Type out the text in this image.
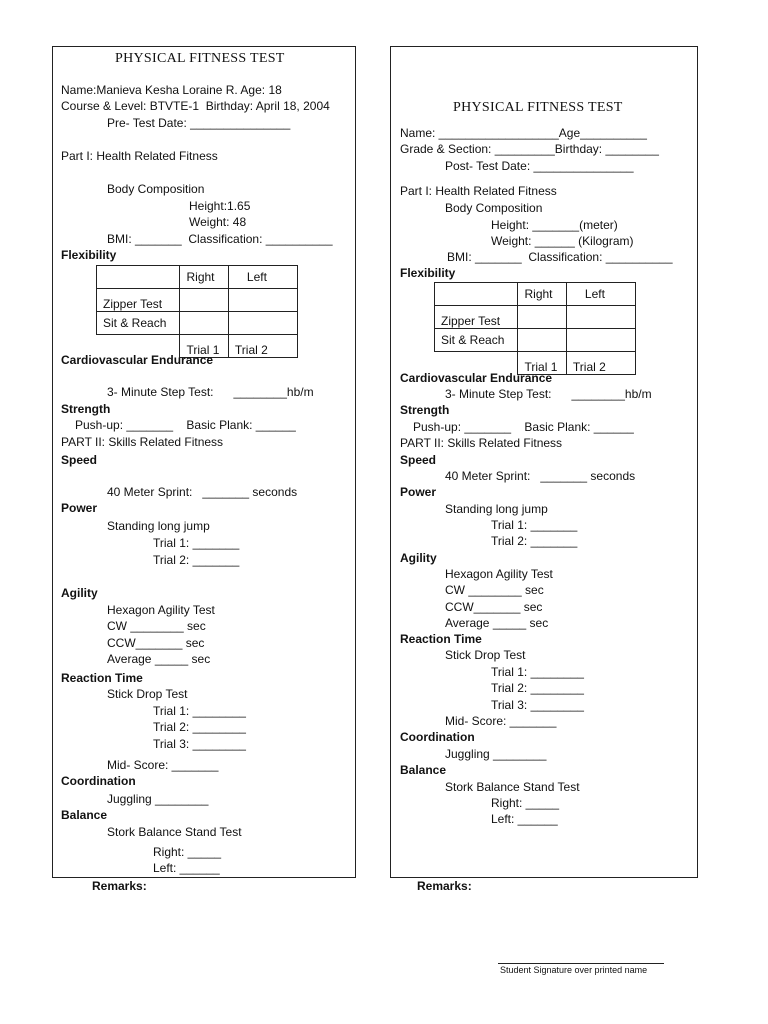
PHYSICAL FITNESS TEST
Name:Manieva Kesha Loraine R. Age: 18
Course & Level: BTVTE-1  Birthday: April 18, 2004
Pre- Test Date: _______________
Part I: Health Related Fitness
Body Composition
Height:1.65
Weight: 48
BMI: _______  Classification: __________
Flexibility
	Right	Left
Zipper Test		
Sit & Reach		
	Trial 1	Trial 2
Cardiovascular Endurance
3- Minute Step Test:      ________hb/m
Strength
Push-up: _______    Basic Plank: ______
PART II: Skills Related Fitness
Speed
40 Meter Sprint:   _______ seconds
Power
Standing long jump
Trial 1: _______
Trial 2: _______
Agility
Hexagon Agility Test
CW ________ sec
CCW_______ sec
Average _____ sec
Reaction Time
Stick Drop Test
Trial 1: ________
Trial 2: ________
Trial 3: ________
Mid- Score: _______
Coordination
Juggling ________
Balance
Stork Balance Stand Test
Right: _____
Left: ______
Remarks:
PHYSICAL FITNESS TEST
Name: __________________Age__________
Grade & Section: _________Birthday: ________
Post- Test Date: _______________
Part I: Health Related Fitness
Body Composition
Height: _______(meter)
Weight: ______ (Kilogram)
BMI: _______  Classification: __________
Flexibility
	Right	Left
Zipper Test		
Sit & Reach		
	Trial 1	Trial 2
Cardiovascular Endurance
3- Minute Step Test:      ________hb/m
Strength
Push-up: _______    Basic Plank: ______
PART II: Skills Related Fitness
Speed
40 Meter Sprint:   _______ seconds
Power
Standing long jump
Trial 1: _______
Trial 2: _______
Agility
Hexagon Agility Test
CW ________ sec
CCW_______ sec
Average _____ sec
Reaction Time
Stick Drop Test
Trial 1: ________
Trial 2: ________
Trial 3: ________
Mid- Score: _______
Coordination
Juggling ________
Balance
Stork Balance Stand Test
Right: _____
Left: ______
Remarks:
Student Signature over printed name
